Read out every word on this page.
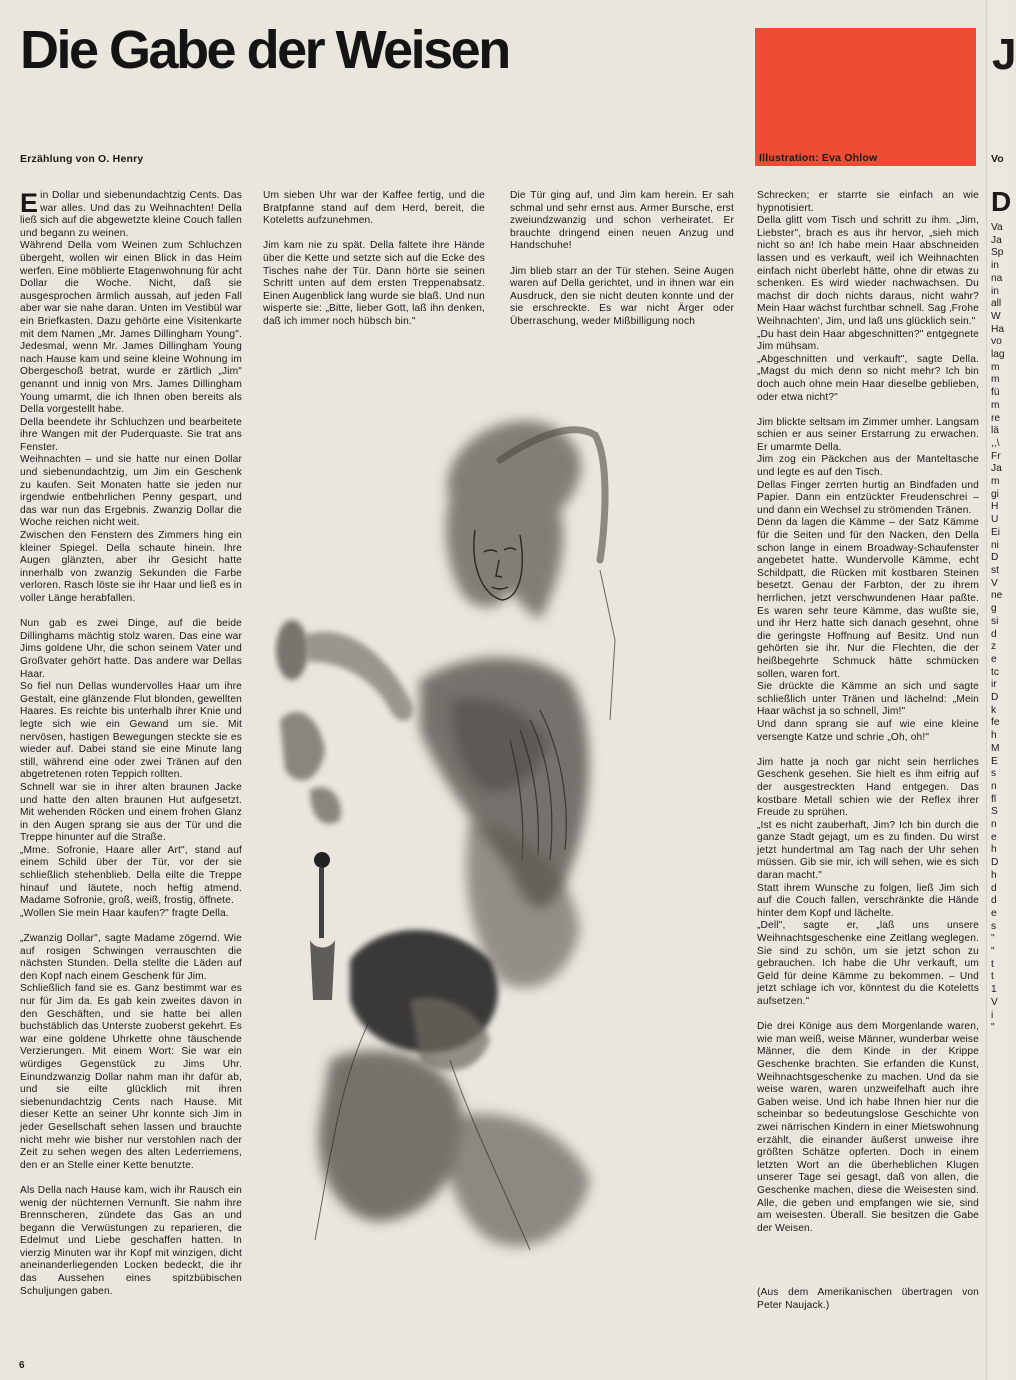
Die Gabe der Weisen
Erzählung von O. Henry	Illustration: Eva Ohlow

Ein Dollar und siebenundachtzig Cents. Das war alles. Und das zu Weihnachten! Della ließ sich auf die abgewetzte kleine Couch fallen und begann zu weinen.

Während Della vom Weinen zum Schluchzen übergeht, wollen wir einen Blick in das Heim werfen. Eine möblierte Etagenwohnung für acht Dollar die Woche. Nicht, daß sie ausgesprochen ärmlich aussah, auf jeden Fall aber war sie nahe daran. Unten im Vestibül war ein Briefkasten. Dazu gehörte eine Visitenkarte mit dem Namen „Mr. James Dillingham Young". Jedesmal, wenn Mr. James Dillingham Young nach Hause kam und seine kleine Wohnung im Obergeschoß betrat, wurde er zärtlich „Jim" genannt und innig von Mrs. James Dillingham Young umarmt, die ich Ihnen oben bereits als Della vorgestellt habe.

Della beendete ihr Schluchzen und bearbeitete ihre Wangen mit der Puderquaste. Sie trat ans Fenster.

Weihnachten – und sie hatte nur einen Dollar und siebenundachtzig, um Jim ein Geschenk zu kaufen. Seit Monaten hatte sie jeden nur irgendwie entbehrlichen Penny gespart, und das war nun das Ergebnis. Zwanzig Dollar die Woche reichen nicht weit.

Zwischen den Fenstern des Zimmers hing ein kleiner Spiegel. Della schaute hinein. Ihre Augen glänzten, aber ihr Gesicht hatte innerhalb von zwanzig Sekunden die Farbe verloren. Rasch löste sie ihr Haar und ließ es in voller Länge herabfallen.

Nun gab es zwei Dinge, auf die beide Dillinghams mächtig stolz waren. Das eine war Jims goldene Uhr, die schon seinem Vater und Großvater gehört hatte. Das andere war Dellas Haar.

So fiel nun Dellas wundervolles Haar um ihre Gestalt, eine glänzende Flut blonden, gewellten Haares. Es reichte bis unterhalb ihrer Knie und legte sich wie ein Gewand um sie. Mit nervösen, hastigen Bewegungen steckte sie es wieder auf. Dabei stand sie eine Minute lang still, während eine oder zwei Tränen auf den abgetretenen roten Teppich rollten.

Schnell war sie in ihrer alten braunen Jacke und hatte den alten braunen Hut aufgesetzt. Mit wehenden Röcken und einem frohen Glanz in den Augen sprang sie aus der Tür und die Treppe hinunter auf die Straße.

„Mme. Sofronie, Haare aller Art", stand auf einem Schild über der Tür, vor der sie schließlich stehenblieb. Della eilte die Treppe hinauf und läutete, noch heftig atmend. Madame Sofronie, groß, weiß, frostig, öffnete.

„Wollen Sie mein Haar kaufen?" fragte Della.

„Zwanzig Dollar", sagte Madame zögernd. Wie auf rosigen Schwingen verrauschten die nächsten Stunden. Della stellte die Läden auf den Kopf nach einem Geschenk für Jim.

Schließlich fand sie es. Ganz bestimmt war es nur für Jim da. Es gab kein zweites davon in den Geschäften, und sie hatte bei allen buchstäblich das Unterste zuoberst gekehrt. Es war eine goldene Uhrkette ohne täuschende Verzierungen. Mit einem Wort: Sie war ein würdiges Gegenstück zu Jims Uhr. Einundzwanzig Dollar nahm man ihr dafür ab, und sie eilte glücklich mit ihren siebenundachtzig Cents nach Hause. Mit dieser Kette an seiner Uhr konnte sich Jim in jeder Gesellschaft sehen lassen und brauchte nicht mehr wie bisher nur verstohlen nach der Zeit zu sehen wegen des alten Lederriemens, den er an Stelle einer Kette benutzte.

Als Della nach Hause kam, wich ihr Rausch ein wenig der nüchternen Vernunft. Sie nahm ihre Brennscheren, zündete das Gas an und begann die Verwüstungen zu reparieren, die Edelmut und Liebe geschaffen hatten. In vierzig Minuten war ihr Kopf mit winzigen, dicht aneinanderliegenden Locken bedeckt, die ihr das Aussehen eines spitzbübischen Schuljungen gaben.

Um sieben Uhr war der Kaffee fertig, und die Bratpfanne stand auf dem Herd, bereit, die Koteletts aufzunehmen.

Jim kam nie zu spät. Della faltete ihre Hände über die Kette und setzte sich auf die Ecke des Tisches nahe der Tür. Dann hörte sie seinen Schritt unten auf dem ersten Treppenabsatz. Einen Augenblick lang wurde sie blaß. Und nun wisperte sie: „Bitte, lieber Gott, laß ihn denken, daß ich immer noch hübsch bin."

Die Tür ging auf, und Jim kam herein. Er sah schmal und sehr ernst aus. Armer Bursche, erst zweiundzwanzig und schon verheiratet. Er brauchte dringend einen neuen Anzug und Handschuhe!

Jim blieb starr an der Tür stehen. Seine Augen waren auf Della gerichtet, und in ihnen war ein Ausdruck, den sie nicht deuten konnte und der sie erschreckte. Es war nicht Ärger oder Überraschung, weder Mißbilligung noch

Schrecken; er starrte sie einfach an wie hypnotisiert.

Della glitt vom Tisch und schritt zu ihm. „Jim, Liebster", brach es aus ihr hervor, „sieh mich nicht so an! Ich habe mein Haar abschneiden lassen und es verkauft, weil ich Weihnachten einfach nicht überlebt hätte, ohne dir etwas zu schenken. Es wird wieder nachwachsen. Du machst dir doch nichts daraus, nicht wahr? Mein Haar wächst furchtbar schnell. Sag ‚Frohe Weihnachten', Jim, und laß uns glücklich sein."

„Du hast dein Haar abgeschnitten?" entgegnete Jim mühsam.

„Abgeschnitten und verkauft", sagte Della. „Magst du mich denn so nicht mehr? Ich bin doch auch ohne mein Haar dieselbe geblieben, oder etwa nicht?"

Jim blickte seltsam im Zimmer umher. Langsam schien er aus seiner Erstarrung zu erwachen. Er umarmte Della.

Jim zog ein Päckchen aus der Manteltasche und legte es auf den Tisch.

Dellas Finger zerrten hurtig an Bindfaden und Papier. Dann ein entzückter Freudenschrei – und dann ein Wechsel zu strömenden Tränen.

Denn da lagen die Kämme – der Satz Kämme für die Seiten und für den Nacken, den Della schon lange in einem Broadway-Schaufenster angebetet hatte. Wundervolle Kämme, echt Schildpatt, die Rücken mit kostbaren Steinen besetzt. Genau der Farbton, der zu ihrem herrlichen, jetzt verschwundenen Haar paßte. Es waren sehr teure Kämme, das wußte sie, und ihr Herz hatte sich danach gesehnt, ohne die geringste Hoffnung auf Besitz. Und nun gehörten sie ihr. Nur die Flechten, die der heißbegehrte Schmuck hätte schmücken sollen, waren fort.

Sie drückte die Kämme an sich und sagte schließlich unter Tränen und lächelnd: „Mein Haar wächst ja so schnell, Jim!"

Und dann sprang sie auf wie eine kleine versengte Katze und schrie „Oh, oh!"

Jim hatte ja noch gar nicht sein herrliches Geschenk gesehen. Sie hielt es ihm eifrig auf der ausgestreckten Hand entgegen. Das kostbare Metall schien wie der Reflex ihrer Freude zu sprühen.

„Ist es nicht zauberhaft, Jim? Ich bin durch die ganze Stadt gejagt, um es zu finden. Du wirst jetzt hundertmal am Tag nach der Uhr sehen müssen. Gib sie mir, ich will sehen, wie es sich daran macht."

Statt ihrem Wunsche zu folgen, ließ Jim sich auf die Couch fallen, verschränkte die Hände hinter dem Kopf und lächelte.

„Dell", sagte er, „laß uns unsere Weihnachtsgeschenke eine Zeitlang weglegen. Sie sind zu schön, um sie jetzt schon zu gebrauchen. Ich habe die Uhr verkauft, um Geld für deine Kämme zu bekommen. – Und jetzt schlage ich vor, könntest du die Koteletts aufsetzen."

Die drei Könige aus dem Morgenlande waren, wie man weiß, weise Männer, wunderbar weise Männer, die dem Kinde in der Krippe Geschenke brachten. Sie erfanden die Kunst, Weihnachtsgeschenke zu machen. Und da sie weise waren, waren unzweifelhaft auch ihre Gaben weise. Und ich habe Ihnen hier nur die scheinbar so bedeutungslose Geschichte von zwei närrischen Kindern in einer Mietswohnung erzählt, die einander äußerst unweise ihre größten Schätze opferten. Doch in einem letzten Wort an die überheblichen Klugen unserer Tage sei gesagt, daß von allen, die Geschenke machen, diese die Weisesten sind. Alle, die geben und empfangen wie sie, sind am weisesten. Überall. Sie besitzen die Gabe der Weisen.

(Aus dem Amerikanischen übertragen von Peter Naujack.)

6
J
Vo
D
Va
Ja
Sp
in
na
in
all
W
Ha
vo
lag
m
m
fü
m
re
lä
,,\
Fr
Ja
m
gi
H
U
Ei
ni
D
st
V
ne
g
si
d
z
e
tc
ir
D
k
fe
h
M
E
s
n
fl
S
n
e
h
D
h
d
d
e
s
"
"
t
t
1
V
i
"
